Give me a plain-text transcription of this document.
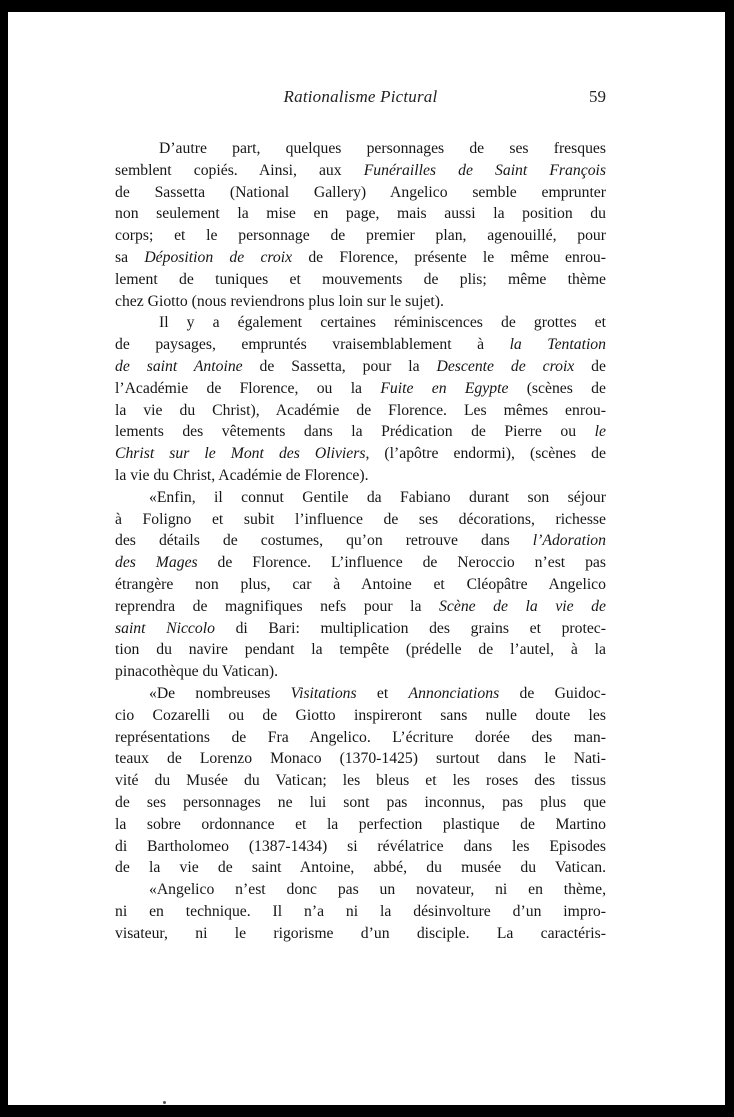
Rationalisme Pictural	59
D’autre part, quelques personnages de ses fresques
semblent copiés. Ainsi, aux Funérailles de Saint François
de Sassetta (National Gallery) Angelico semble emprunter
non seulement la mise en page, mais aussi la position du
corps; et le personnage de premier plan, agenouillé, pour
sa Déposition de croix de Florence, présente le même enrou-
lement de tuniques et mouvements de plis; même thème
chez Giotto (nous reviendrons plus loin sur le sujet).
Il y a également certaines réminiscences de grottes et
de paysages, empruntés vraisemblablement à la Tentation
de saint Antoine de Sassetta, pour la Descente de croix de
l’Académie de Florence, ou la Fuite en Egypte (scènes de
la vie du Christ), Académie de Florence. Les mêmes enrou-
lements des vêtements dans la Prédication de Pierre ou le
Christ sur le Mont des Oliviers, (l’apôtre endormi), (scènes de
la vie du Christ, Académie de Florence).
«Enfin, il connut Gentile da Fabiano durant son séjour
à Foligno et subit l’influence de ses décorations, richesse
des détails de costumes, qu’on retrouve dans l’Adoration
des Mages de Florence. L’influence de Neroccio n’est pas
étrangère non plus, car à Antoine et Cléopâtre Angelico
reprendra de magnifiques nefs pour la Scène de la vie de
saint Niccolo di Bari: multiplication des grains et protec-
tion du navire pendant la tempête (prédelle de l’autel, à la
pinacothèque du Vatican).
«De nombreuses Visitations et Annonciations de Guidoc-
cio Cozarelli ou de Giotto inspireront sans nulle doute les
représentations de Fra Angelico. L’écriture dorée des man-
teaux de Lorenzo Monaco (1370-1425) surtout dans le Nati-
vité du Musée du Vatican; les bleus et les roses des tissus
de ses personnages ne lui sont pas inconnus, pas plus que
la sobre ordonnance et la perfection plastique de Martino
di Bartholomeo (1387-1434) si révélatrice dans les Episodes
de la vie de saint Antoine, abbé, du musée du Vatican.
«Angelico n’est donc pas un novateur, ni en thème,
ni en technique. Il n’a ni la désinvolture d’un impro-
visateur, ni le rigorisme d’un disciple. La caractéris-
